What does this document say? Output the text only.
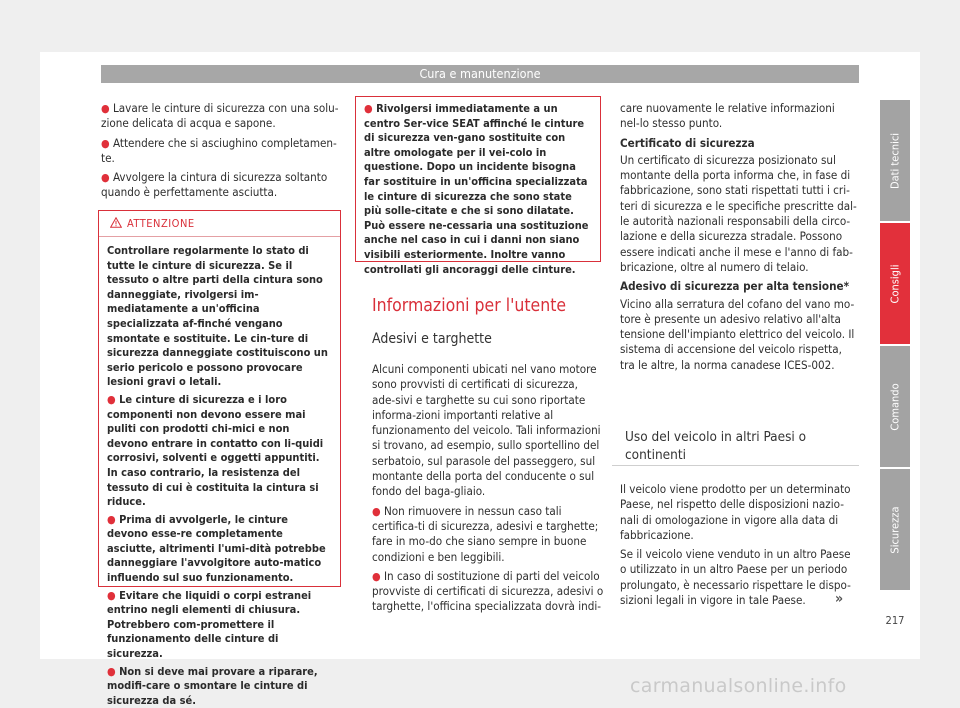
Cura e manutenzione

● Lavare le cinture di sicurezza con una solu-zione delicata di acqua e sapone.

● Attendere che si asciughino completamen-te.

● Avvolgere la cintura di sicurezza soltanto quando è perfettamente asciutta.

ATTENZIONE

Controllare regolarmente lo stato di tutte le cinture di sicurezza. Se il tessuto o altre parti della cintura sono danneggiate, rivolgersi im-mediatamente a un'officina specializzata af-finché vengano smontate e sostituite. Le cin-ture di sicurezza danneggiate costituiscono un serio pericolo e possono provocare lesioni gravi o letali.

● Le cinture di sicurezza e i loro componenti non devono essere mai puliti con prodotti chi-mici e non devono entrare in contatto con li-quidi corrosivi, solventi e oggetti appuntiti. In caso contrario, la resistenza del tessuto di cui è costituita la cintura si riduce.

● Prima di avvolgerle, le cinture devono esse-re completamente asciutte, altrimenti l'umi-dità potrebbe danneggiare l'avvolgitore auto-matico influendo sul suo funzionamento.

● Evitare che liquidi o corpi estranei entrino negli elementi di chiusura. Potrebbero com-promettere il funzionamento delle cinture di sicurezza.

● Non si deve mai provare a riparare, modifi-care o smontare le cinture di sicurezza da sé.

● Rivolgersi immediatamente a un centro Ser-vice SEAT affinché le cinture di sicurezza ven-gano sostituite con altre omologate per il vei-colo in questione. Dopo un incidente bisogna far sostituire in un'officina specializzata le cinture di sicurezza che sono state più solle-citate e che si sono dilatate. Può essere ne-cessaria una sostituzione anche nel caso in cui i danni non siano visibili esteriormente. Inoltre vanno controllati gli ancoraggi delle cinture.
Informazioni per l'utente
Adesivi e targhette

Alcuni componenti ubicati nel vano motore sono provvisti di certificati di sicurezza, ade-sivi e targhette su cui sono riportate informa-zioni importanti relative al funzionamento del veicolo. Tali informazioni si trovano, ad esempio, sullo sportellino del serbatoio, sul parasole del passeggero, sul montante della porta del conducente o sul fondo del baga-gliaio.

● Non rimuovere in nessun caso tali certifica-ti di sicurezza, adesivi e targhette; fare in mo-do che siano sempre in buone condizioni e ben leggibili.

● In caso di sostituzione di parti del veicolo provviste di certificati di sicurezza, adesivi o targhette, l'officina specializzata dovrà indi-

care nuovamente le relative informazioni nel-lo stesso punto.

Certificato di sicurezza

Un certificato di sicurezza posizionato sul montante della porta informa che, in fase di fabbricazione, sono stati rispettati tutti i cri-teri di sicurezza e le specifiche prescritte dal-le autorità nazionali responsabili della circo-lazione e della sicurezza stradale. Possono essere indicati anche il mese e l'anno di fab-bricazione, oltre al numero di telaio.

Adesivo di sicurezza per alta tensione*

Vicino alla serratura del cofano del vano mo-tore è presente un adesivo relativo all'alta tensione dell'impianto elettrico del veicolo. Il sistema di accensione del veicolo rispetta, tra le altre, la norma canadese ICES-002.

Uso del veicolo in altri Paesi o continenti

Il veicolo viene prodotto per un determinato Paese, nel rispetto delle disposizioni nazio-nali di omologazione in vigore alla data di fabbricazione.

Se il veicolo viene venduto in un altro Paese o utilizzato in un altro Paese per un periodo prolungato, è necessario rispettare le dispo-sizioni legali in vigore in tale Paese.	»
Dati tecnici
Consigli
Comando
Sicurezza
217
carmanualsonline.info
